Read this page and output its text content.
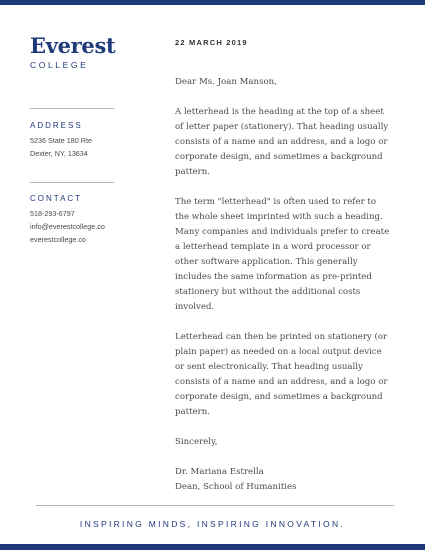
Everest
COLLEGE
ADDRESS
5236 State 180 Rte
Dexter, NY, 13634
CONTACT
518-293-6797
info@everestcollege.co
everestcollege.co
22 MARCH 2019
Dear Ms. Joan Manson,
A letterhead is the heading at the top of a sheet of letter paper (stationery). That heading usually consists of a name and an address, and a logo or corporate design, and sometimes a background pattern.
The term "letterhead" is often used to refer to the whole sheet imprinted with such a heading. Many companies and individuals prefer to create a letterhead template in a word processor or other software application. This generally includes the same information as pre-printed stationery but without the additional costs involved.
Letterhead can then be printed on stationery (or plain paper) as needed on a local output device or sent electronically. That heading usually consists of a name and an address, and a logo or corporate design, and sometimes a background pattern.
Sincerely,
Dr. Mariana Estrella
Dean, School of Humanities
INSPIRING MINDS, INSPIRING INNOVATION.
